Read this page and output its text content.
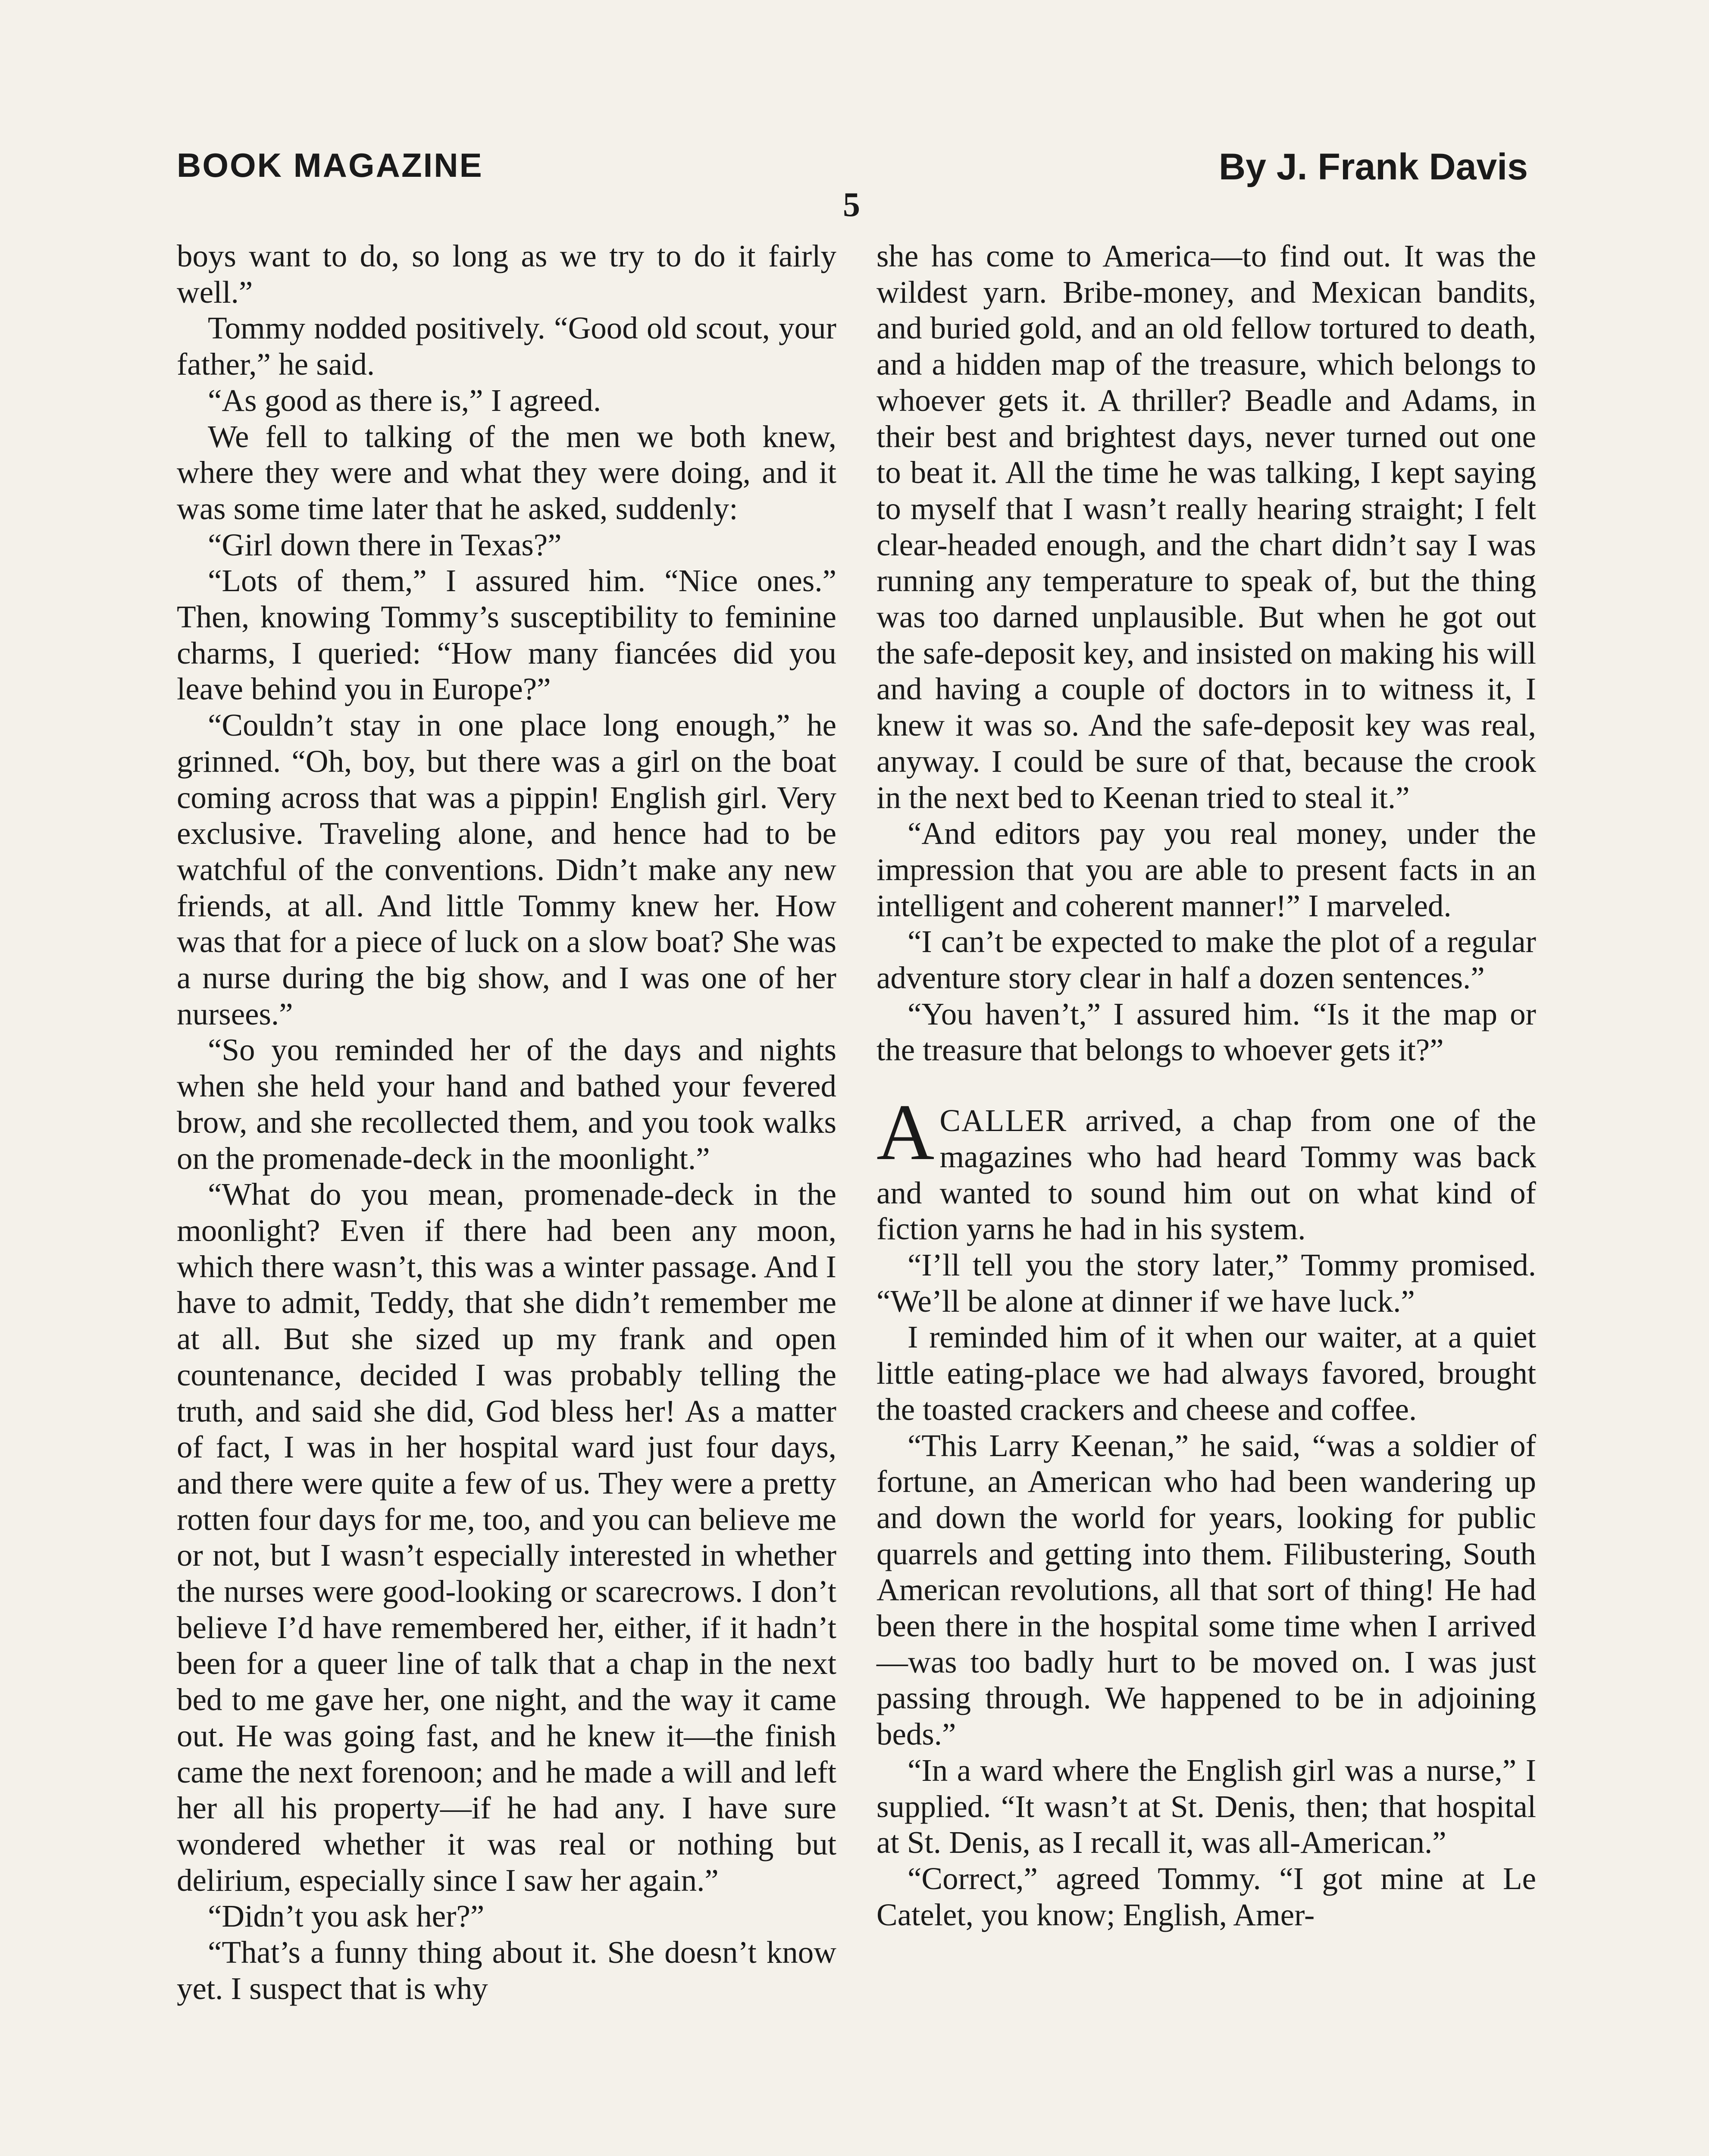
BOOK MAGAZINE	By J. Frank Davis
5

boys want to do, so long as we try to do it fairly well.”

Tommy nodded positively. “Good old scout, your father,” he said.

“As good as there is,” I agreed.

We fell to talking of the men we both knew, where they were and what they were doing, and it was some time later that he asked, suddenly:

“Girl down there in Texas?”

“Lots of them,” I assured him. “Nice ones.” Then, knowing Tommy’s susceptibility to feminine charms, I queried: “How many fiancées did you leave behind you in Europe?”

“Couldn’t stay in one place long enough,” he grinned. “Oh, boy, but there was a girl on the boat coming across that was a pippin! English girl. Very exclusive. Traveling alone, and hence had to be watchful of the conventions. Didn’t make any new friends, at all. And little Tommy knew her. How was that for a piece of luck on a slow boat? She was a nurse during the big show, and I was one of her nursees.”

“So you reminded her of the days and nights when she held your hand and bathed your fevered brow, and she recollected them, and you took walks on the promenade-deck in the moonlight.”

“What do you mean, promenade-deck in the moonlight? Even if there had been any moon, which there wasn’t, this was a winter passage. And I have to admit, Teddy, that she didn’t remember me at all. But she sized up my frank and open countenance, decided I was probably telling the truth, and said she did, God bless her! As a matter of fact, I was in her hospital ward just four days, and there were quite a few of us. They were a pretty rotten four days for me, too, and you can believe me or not, but I wasn’t especially interested in whether the nurses were good-looking or scarecrows. I don’t believe I’d have remembered her, either, if it hadn’t been for a queer line of talk that a chap in the next bed to me gave her, one night, and the way it came out. He was going fast, and he knew it—the finish came the next forenoon; and he made a will and left her all his property—if he had any. I have sure wondered whether it was real or nothing but delirium, especially since I saw her again.”

“Didn’t you ask her?”

“That’s a funny thing about it. She doesn’t know yet. I suspect that is why

she has come to America—to find out. It was the wildest yarn. Bribe-money, and Mexican bandits, and buried gold, and an old fellow tortured to death, and a hidden map of the treasure, which belongs to whoever gets it. A thriller? Beadle and Adams, in their best and brightest days, never turned out one to beat it. All the time he was talking, I kept saying to myself that I wasn’t really hearing straight; I felt clear-headed enough, and the chart didn’t say I was running any temperature to speak of, but the thing was too darned unplausible. But when he got out the safe-deposit key, and insisted on making his will and having a couple of doctors in to witness it, I knew it was so. And the safe-deposit key was real, anyway. I could be sure of that, because the crook in the next bed to Keenan tried to steal it.”

“And editors pay you real money, under the impression that you are able to present facts in an intelligent and coherent manner!” I marveled.

“I can’t be expected to make the plot of a regular adventure story clear in half a dozen sentences.”

“You haven’t,” I assured him. “Is it the map or the treasure that belongs to whoever gets it?”

ACALLER arrived, a chap from one of the magazines who had heard Tommy was back and wanted to sound him out on what kind of fiction yarns he had in his system.

“I’ll tell you the story later,” Tommy promised. “We’ll be alone at dinner if we have luck.”

I reminded him of it when our waiter, at a quiet little eating-place we had always favored, brought the toasted crackers and cheese and coffee.

“This Larry Keenan,” he said, “was a soldier of fortune, an American who had been wandering up and down the world for years, looking for public quarrels and getting into them. Filibustering, South American revolutions, all that sort of thing! He had been there in the hospital some time when I arrived—was too badly hurt to be moved on. I was just passing through. We happened to be in adjoining beds.”

“In a ward where the English girl was a nurse,” I supplied. “It wasn’t at St. Denis, then; that hospital at St. Denis, as I recall it, was all-American.”

“Correct,” agreed Tommy. “I got mine at Le Catelet, you know; English, Amer-
